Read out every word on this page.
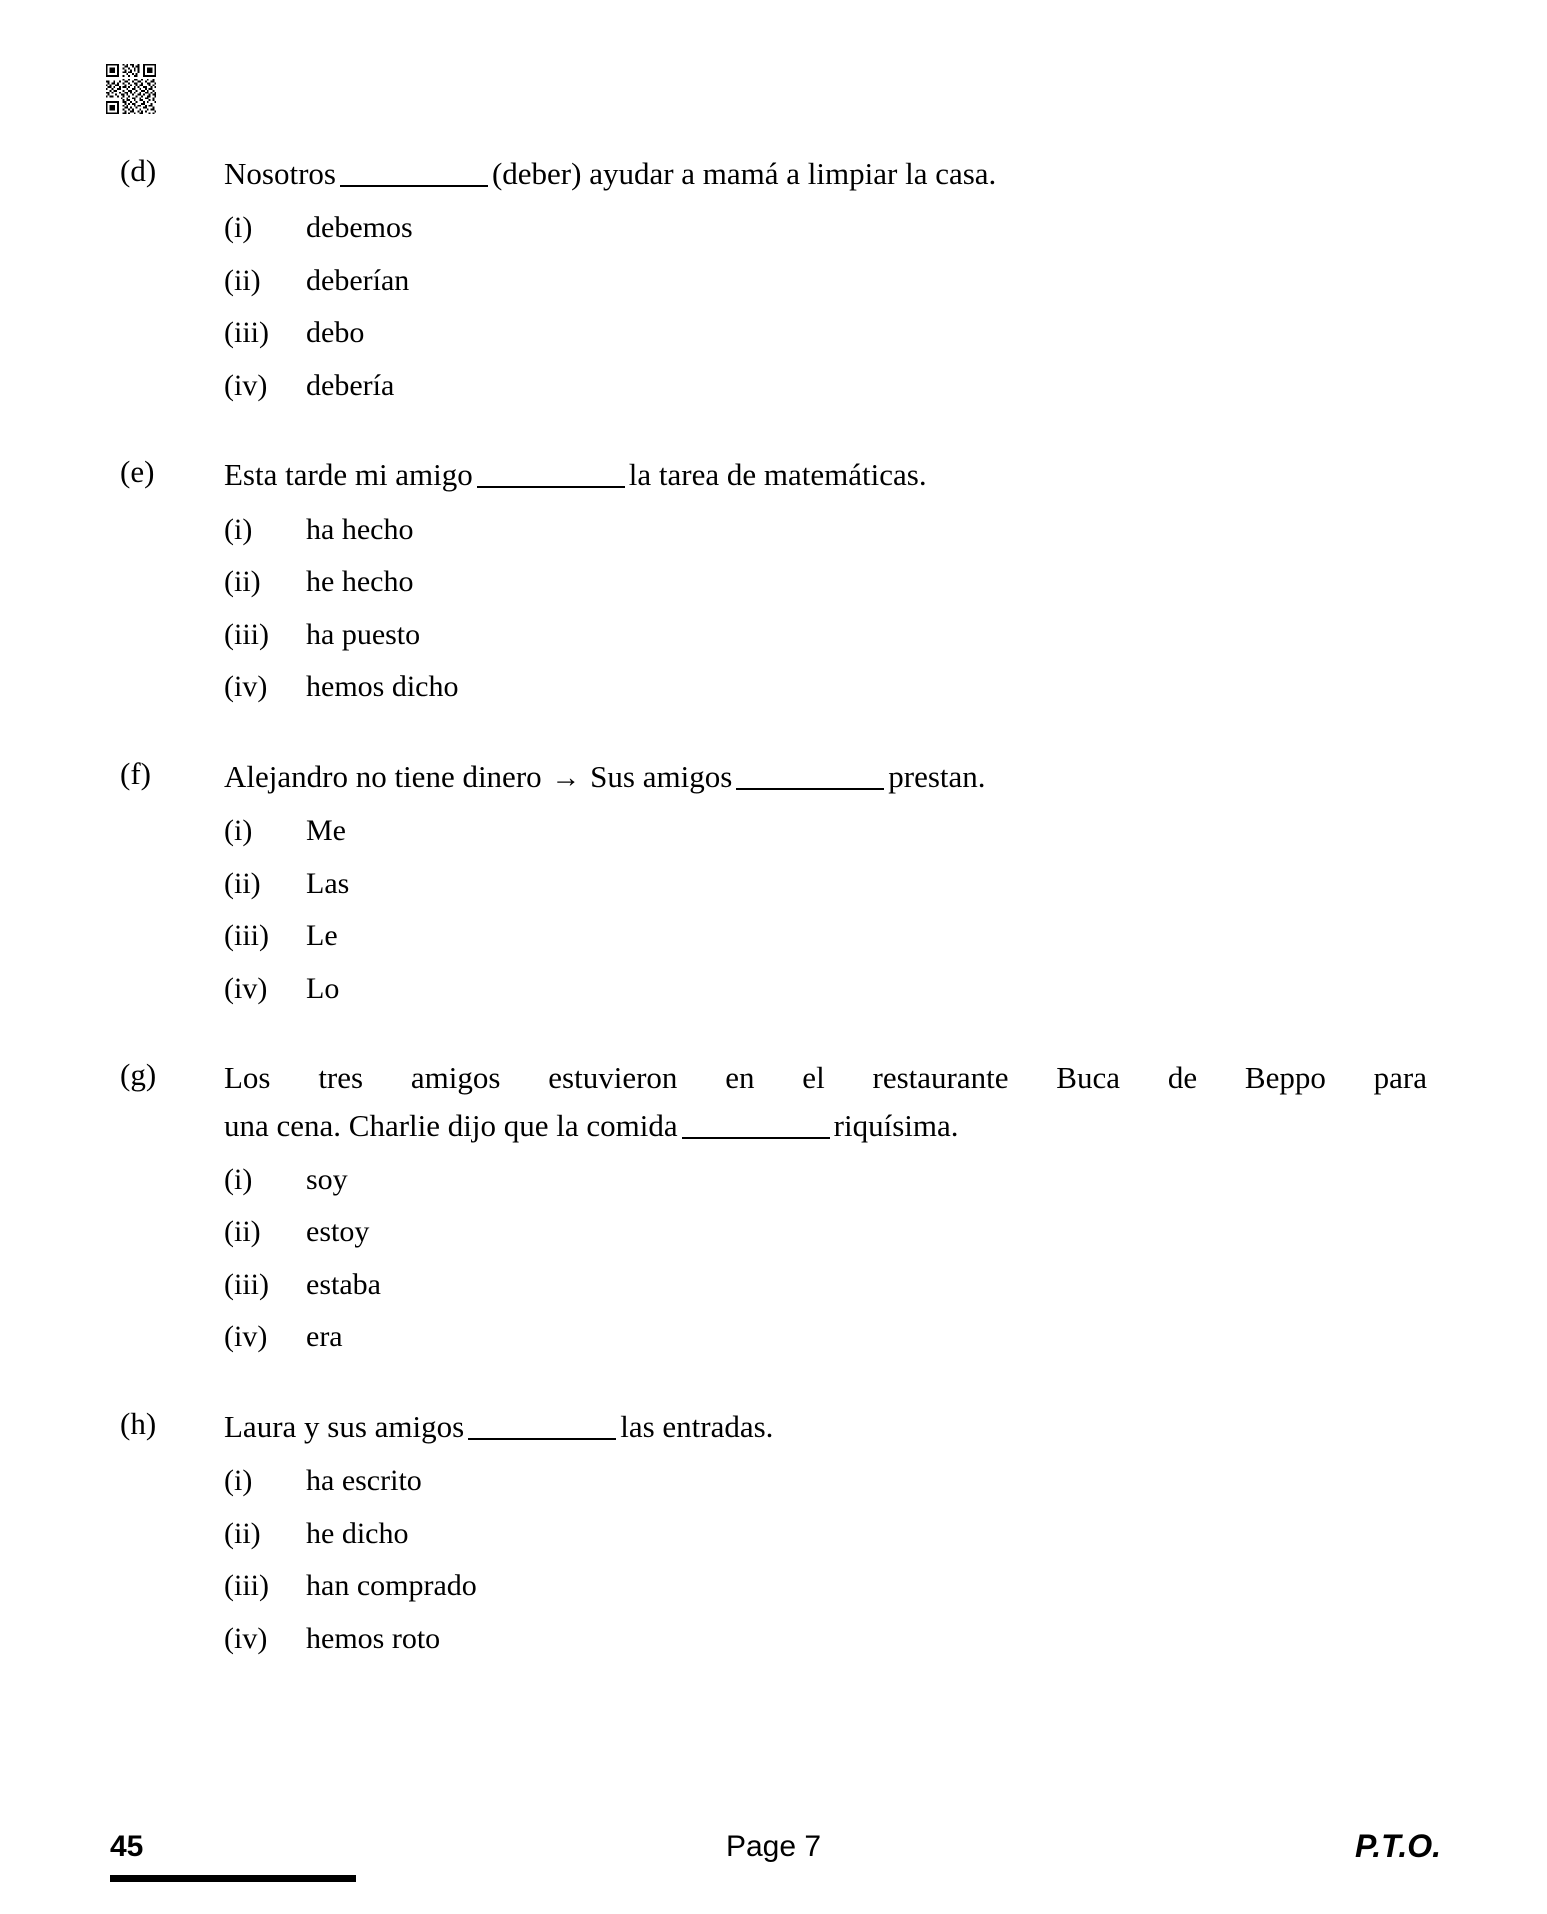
(d)	Nosotros	(deber) ayudar a mamá a limpiar la casa.
(i)	debemos
(ii)	deberían
(iii)	debo
(iv)	debería
(e)	Esta tarde mi amigo	la tarea de matemáticas.
(i)	ha hecho
(ii)	he hecho
(iii)	ha puesto
(iv)	hemos dicho
(f)	Alejandro no tiene dinero → Sus amigos	prestan.
(i)	Me
(ii)	Las
(iii)	Le
(iv)	Lo
(g)	Los tres amigos estuvieron en el restaurante Buca de Beppo para
una cena. Charlie dijo que la comida	riquísima.
(i)	soy
(ii)	estoy
(iii)	estaba
(iv)	era
(h)	Laura y sus amigos	las entradas.
(i)	ha escrito
(ii)	he dicho
(iii)	han comprado
(iv)	hemos roto
45	Page 7	P.T.O.
